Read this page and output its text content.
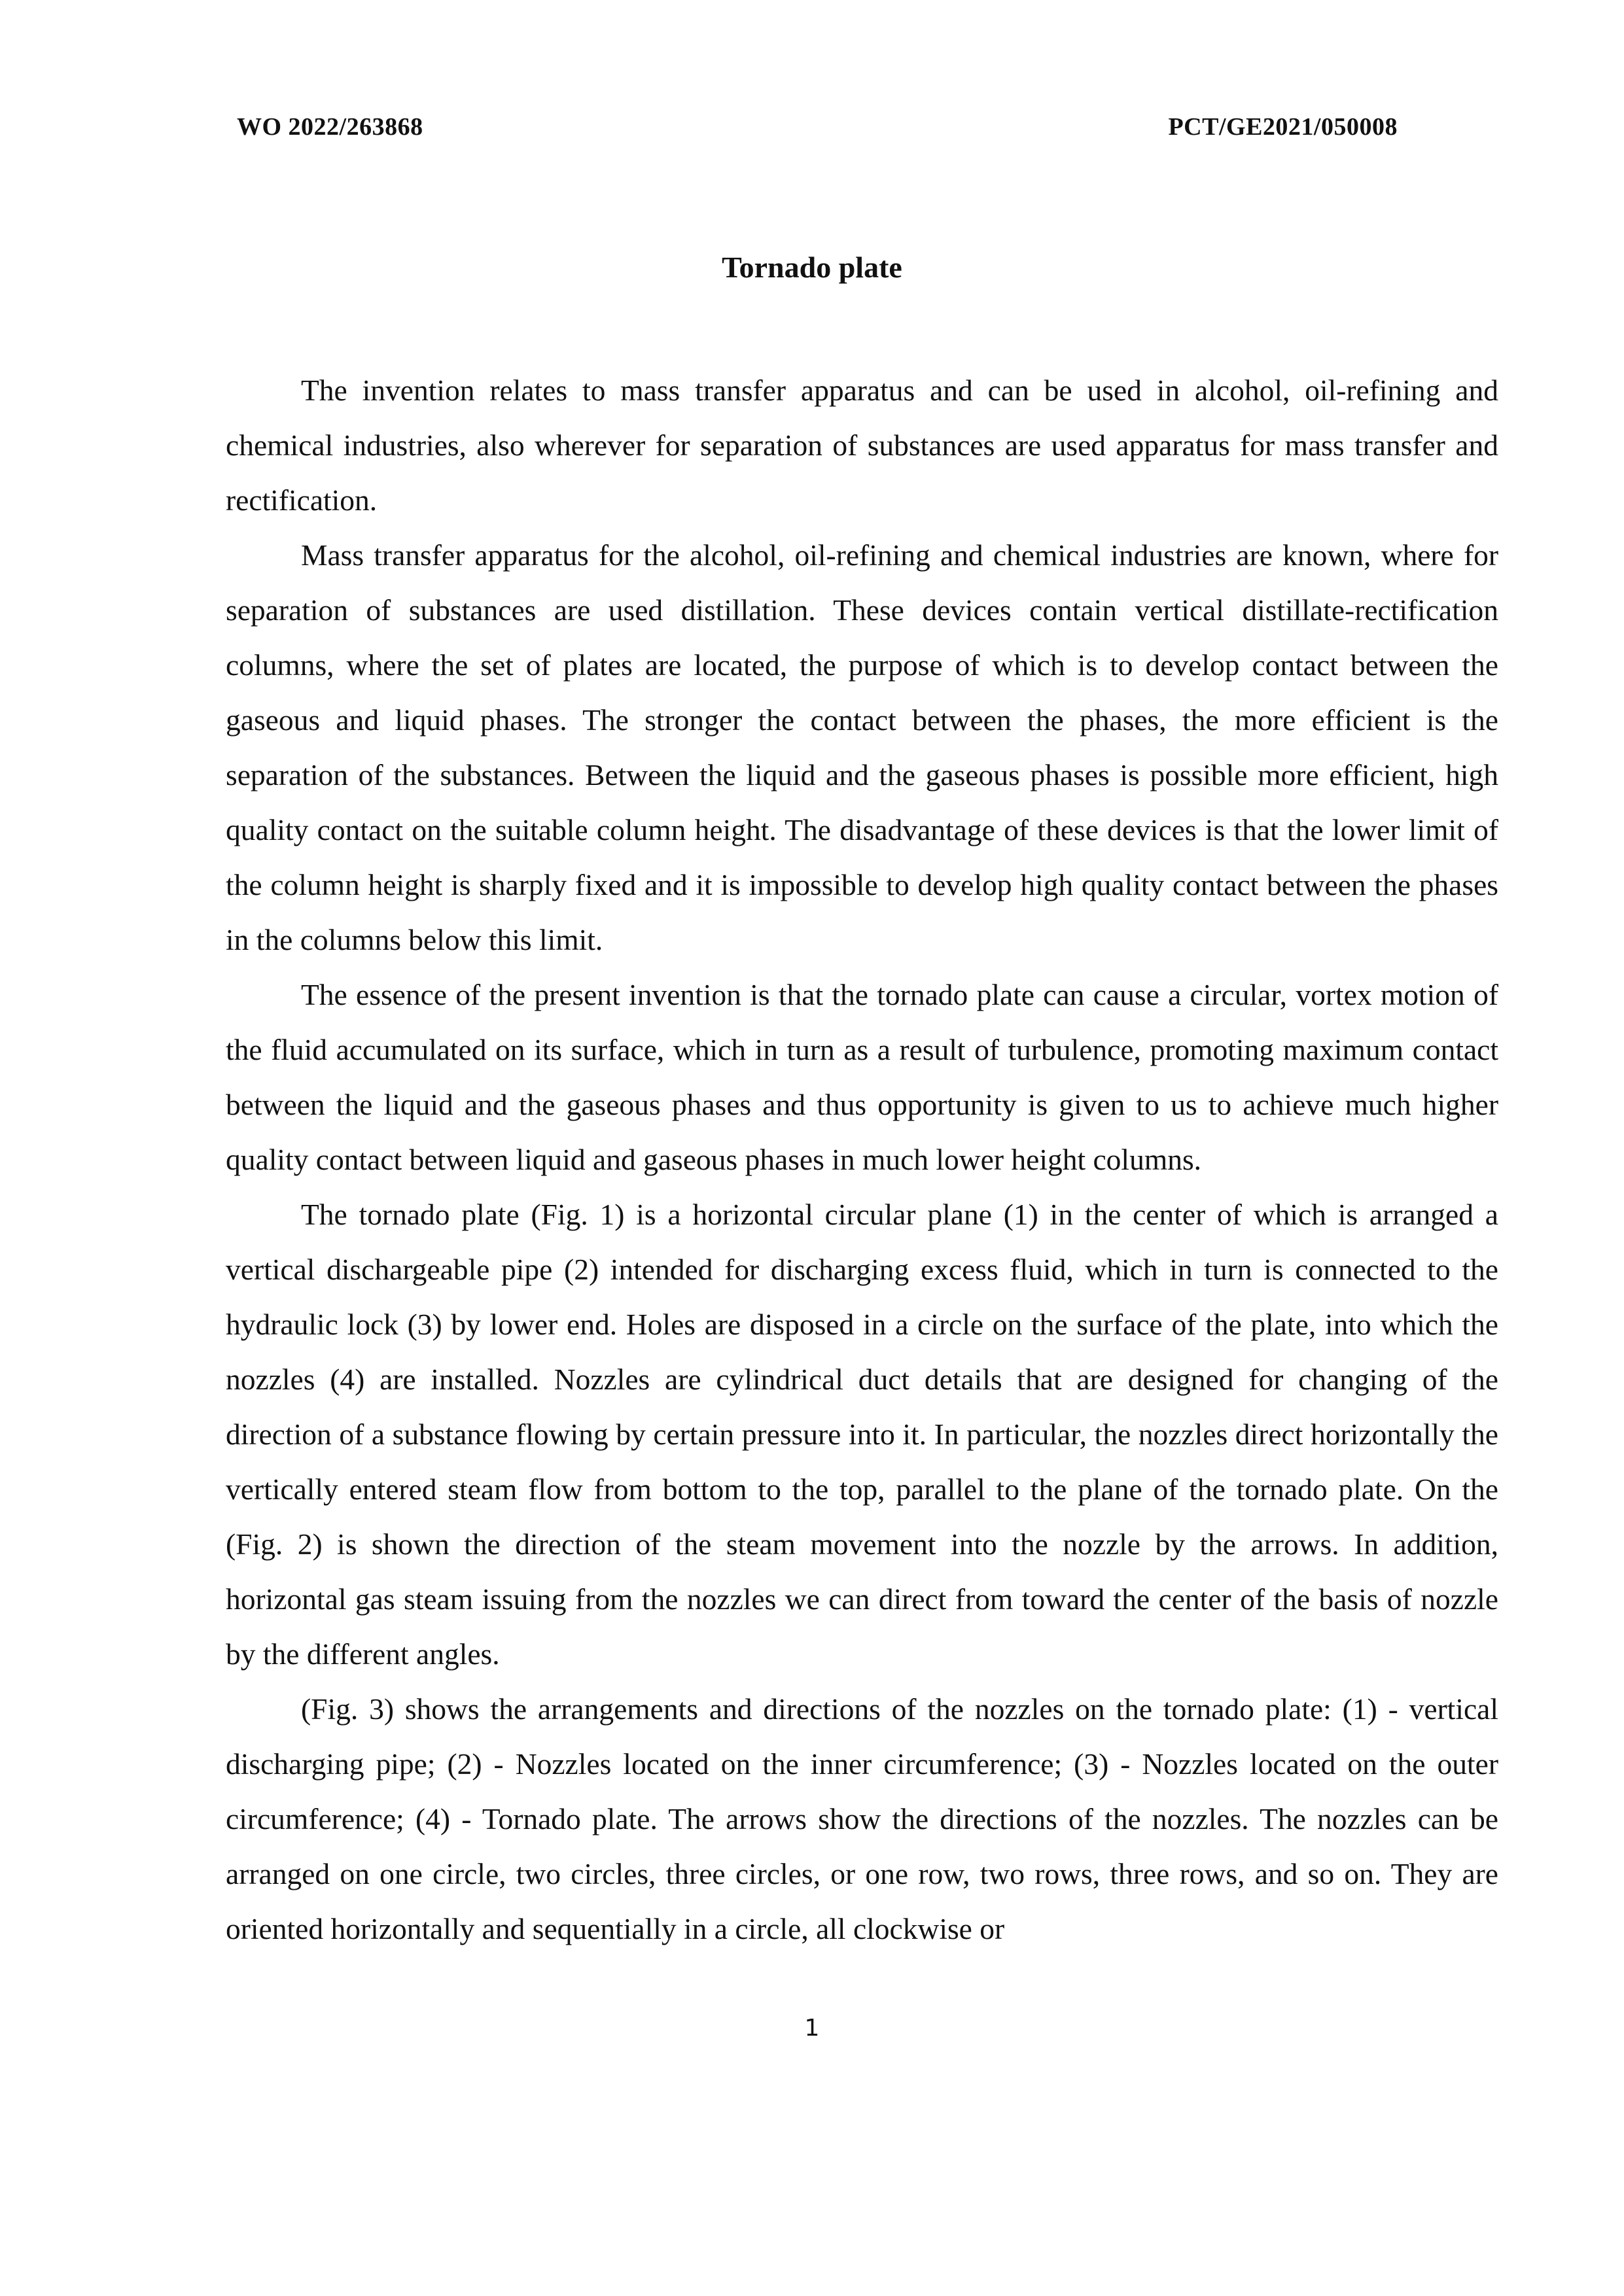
WO 2022/263868	PCT/GE2021/050008
Tornado plate

The invention relates to mass transfer apparatus and can be used in alcohol, oil-refining and chemical industries, also wherever for separation of substances are used apparatus for mass transfer and rectification.

Mass transfer apparatus for the alcohol, oil-refining and chemical industries are known, where for separation of substances are used distillation. These devices contain vertical distillate-rectification columns, where the set of plates are located, the purpose of which is to develop contact between the gaseous and liquid phases. The stronger the contact between the phases, the more efficient is the separation of the substances. Between the liquid and the gaseous phases is possible more efficient, high quality contact on the suitable column height. The disadvantage of these devices is that the lower limit of the column height is sharply fixed and it is impossible to develop high quality contact between the phases in the columns below this limit.

The essence of the present invention is that the tornado plate can cause a circular, vortex motion of the fluid accumulated on its surface, which in turn as a result of turbulence, promoting maximum contact between the liquid and the gaseous phases and thus opportunity is given to us to achieve much higher quality contact between liquid and gaseous phases in much lower height columns.

The tornado plate (Fig. 1) is a horizontal circular plane (1) in the center of which is arranged a vertical dischargeable pipe (2) intended for discharging excess fluid, which in turn is connected to the hydraulic lock (3) by lower end. Holes are disposed in a circle on the surface of the plate, into which the nozzles (4) are installed. Nozzles are cylindrical duct details that are designed for changing of the direction of a substance flowing by certain pressure into it. In particular, the nozzles direct horizontally the vertically entered steam flow from bottom to the top, parallel to the plane of the tornado plate. On the (Fig. 2) is shown the direction of the steam movement into the nozzle by the arrows. In addition, horizontal gas steam issuing from the nozzles we can direct from toward the center of the basis of nozzle by the different angles.

(Fig. 3) shows the arrangements and directions of the nozzles on the tornado plate: (1) - vertical discharging pipe; (2) - Nozzles located on the inner circumference; (3) - Nozzles located on the outer circumference; (4) - Tornado plate. The arrows show the directions of the nozzles. The nozzles can be arranged on one circle, two circles, three circles, or one row, two rows, three rows, and so on. They are oriented horizontally and sequentially in a circle, all clockwise or

1
